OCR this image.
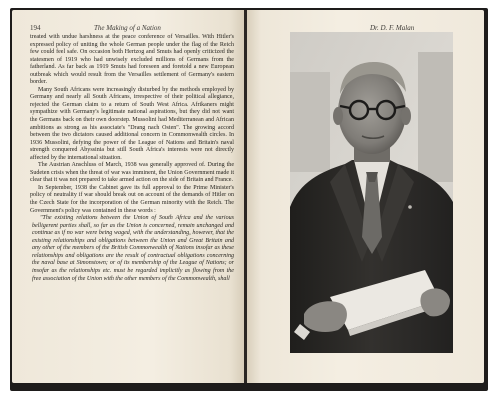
194	The Making of a Nation

treated with undue harshness at the peace conference of Versailles. With Hitler's expressed policy of uniting the whole German people under the flag of the Reich few could feel safe. On occasion both Hertzog and Smuts had openly criticized the statesmen of 1919 who had unwisely excluded millions of Germans from the fatherland. As far back as 1919 Smuts had foreseen and foretold a new European outbreak which would result from the Versailles settlement of Germany's eastern border.

Many South Africans were increasingly disturbed by the methods employed by Germany and nearly all South Africans, irrespective of their political allegiance, rejected the German claim to a return of South West Africa. Afrikaners might sympathize with Germany's legitimate national aspirations, but they did not want the Germans back on their own doorstep. Mussolini had Mediterranean and African ambitions as strong as his associate's "Drang nach Osten". The growing accord between the two dictators caused additional concern in Commonwealth circles. In 1936 Mussolini, defying the power of the League of Nations and Britain's naval strength conquered Abyssinia but still South Africa's interests were not directly affected by the international situation.

The Austrian Anschluss of March, 1938 was generally approved of. During the Sudeten crisis when the threat of war was imminent, the Union Government made it clear that it was not prepared to take armed action on the side of Britain and France.

In September, 1938 the Cabinet gave its full approval to the Prime Minister's policy of neutrality if war should break out on account of the demands of Hitler on the Czech State for the incorporation of the German minority with the Reich. The Government's policy was contained in these words :

"The existing relations between the Union of South Africa and the various belligerent parties shall, so far as the Union is concerned, remain unchanged and continue as if no war were being waged, with the understanding, however, that the existing relationships and obligations between the Union and Great Britain and any other of the members of the British Commonwealth of Nations insofar as these relationships and obligations are the result of contractual obligations concerning the naval base at Simonstown; or of its membership of the League of Nations; or insofar as the relationships etc. must be regarded implicitly as flowing from the free association of the Union with the other members of the Commonwealth, shall

Dr. D. F. Malan
